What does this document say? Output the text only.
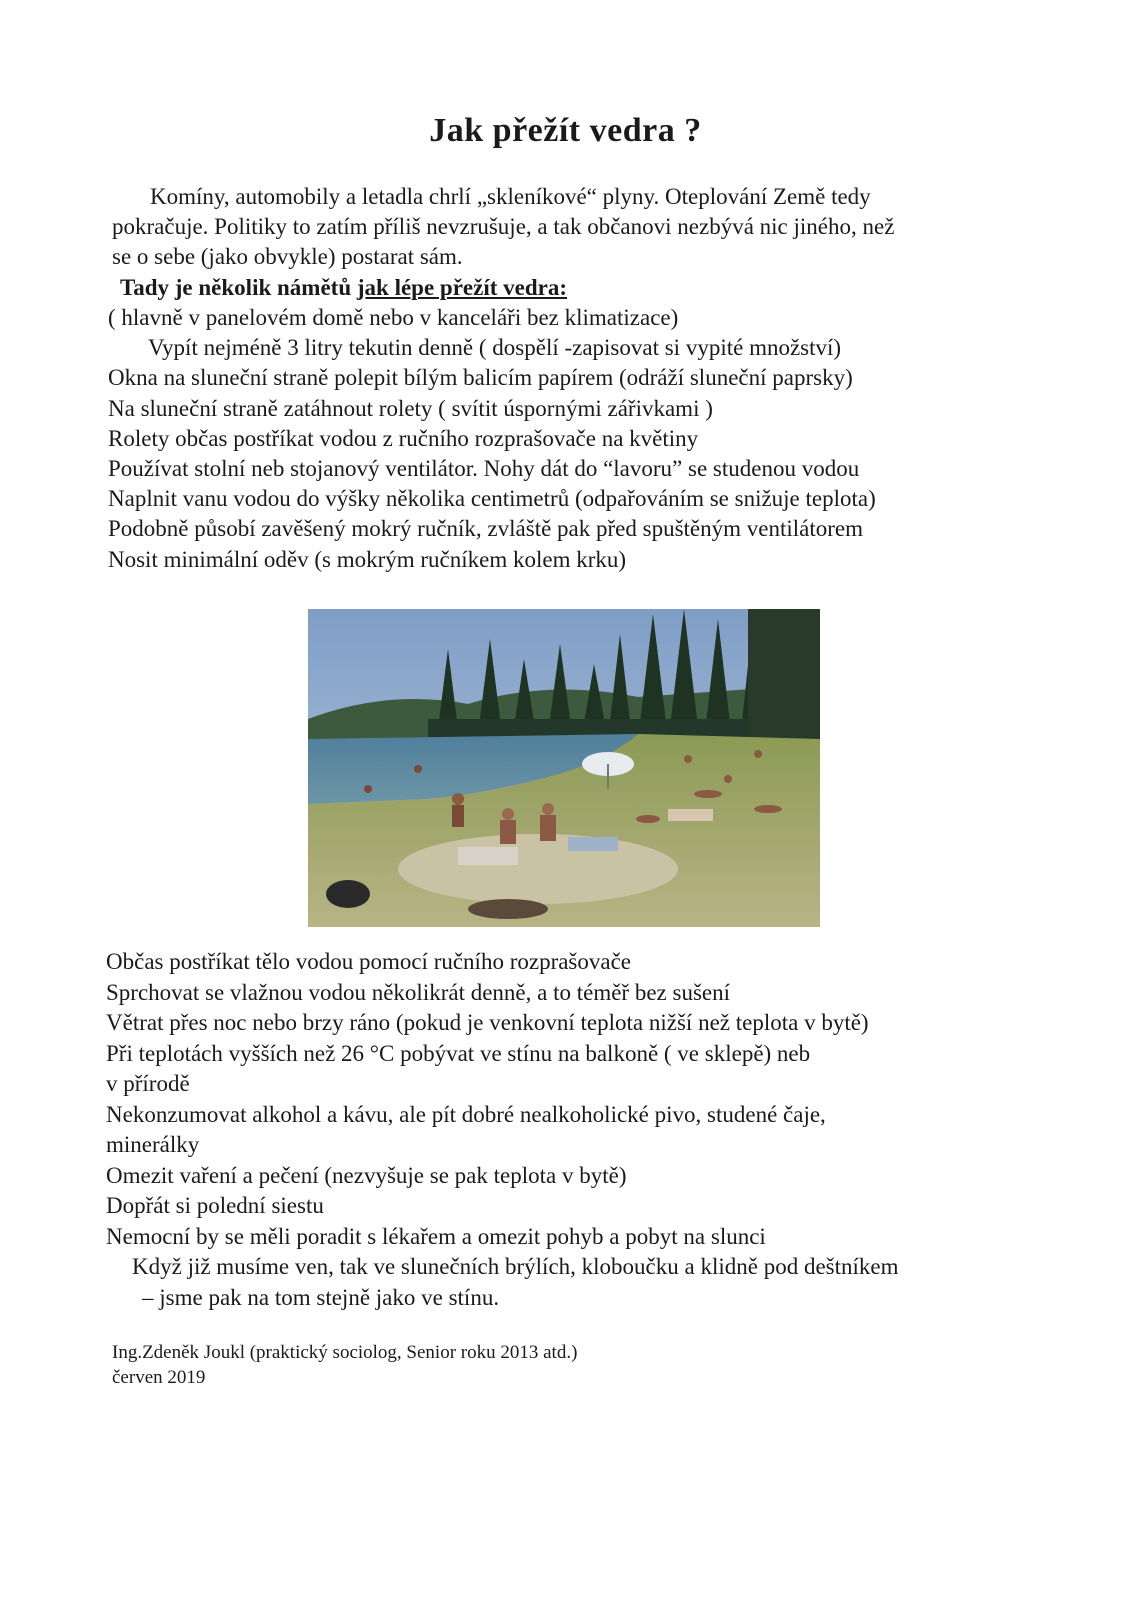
Jak přežít vedra ?
Komíny, automobily a letadla chrlí „skleníkové“ plyny. Oteplování Země tedy
pokračuje. Politiky to zatím příliš nevzrušuje, a tak občanovi nezbývá nic jiného, než
se o sebe (jako obvykle) postarat sám.
Tady je několik námětů jak lépe přežít vedra:
( hlavně v panelovém domě nebo v kanceláři bez klimatizace)
Vypít nejméně 3 litry tekutin denně ( dospělí -zapisovat si vypité množství)
Okna na sluneční straně polepit bílým balicím papírem (odráží sluneční paprsky)
Na sluneční straně zatáhnout rolety ( svítit úspornými zářivkami )
Rolety občas postříkat vodou z ručního rozprašovače na květiny
Používat stolní neb stojanový ventilátor. Nohy dát do “lavoru” se studenou vodou
Naplnit vanu vodou do výšky několika centimetrů (odpařováním se snižuje teplota)
Podobně působí zavěšený mokrý ručník, zvláště pak před spuštěným ventilátorem
Nosit minimální oděv (s mokrým ručníkem kolem krku)
Občas postříkat tělo vodou pomocí ručního rozprašovače
Sprchovat se vlažnou vodou několikrát denně, a to téměř bez sušení
Větrat přes noc nebo brzy ráno (pokud je venkovní teplota nižší než teplota v bytě)
Při teplotách vyšších než 26 °C pobývat ve stínu na balkoně ( ve sklepě) neb
v přírodě
Nekonzumovat alkohol a kávu, ale pít dobré nealkoholické pivo, studené čaje,
minerálky
Omezit vaření a pečení (nezvyšuje se pak teplota v bytě)
Dopřát si polední siestu
Nemocní by se měli poradit s lékařem a omezit pohyb a pobyt na slunci
Když již musíme ven, tak ve slunečních brýlích, kloboučku a klidně pod deštníkem
– jsme pak na tom stejně jako ve stínu.
Ing.Zdeněk Joukl (praktický sociolog, Senior roku 2013 atd.)
červen 2019
